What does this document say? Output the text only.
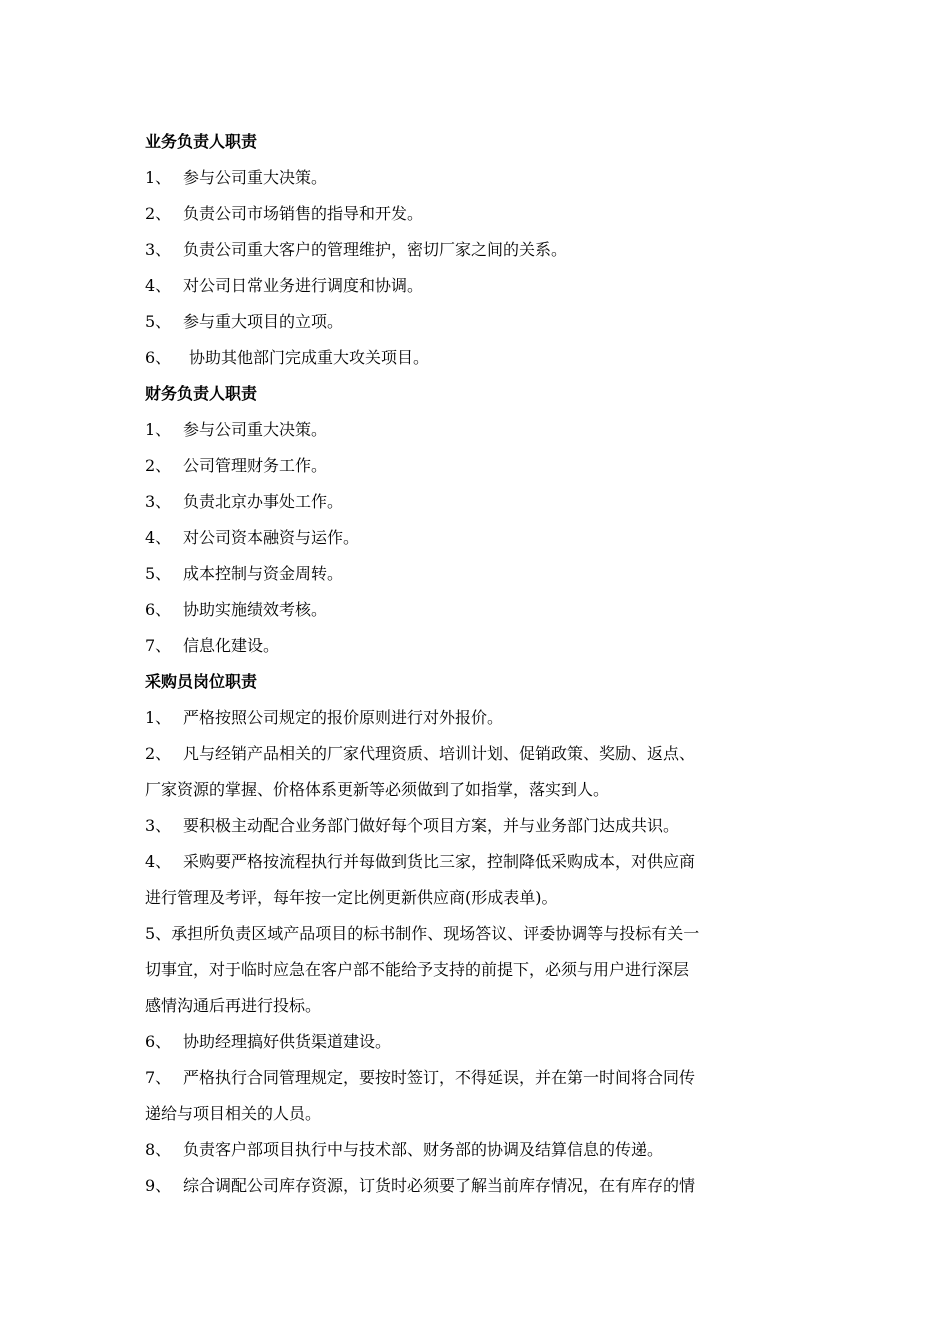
业务负责人职责
1、 参与公司重大决策。
2、 负责公司市场销售的指导和开发。
3、 负责公司重大客户的管理维护，密切厂家之间的关系。
4、 对公司日常业务进行调度和协调。
5、 参与重大项目的立项。
6、 协助其他部门完成重大攻关项目。
财务负责人职责
1、 参与公司重大决策。
2、 公司管理财务工作。
3、 负责北京办事处工作。
4、 对公司资本融资与运作。
5、 成本控制与资金周转。
6、 协助实施绩效考核。
7、 信息化建设。
采购员岗位职责
1、 严格按照公司规定的报价原则进行对外报价。
2、 凡与经销产品相关的厂家代理资质、培训计划、促销政策、奖励、返点、
厂家资源的掌握、价格体系更新等必须做到了如指掌，落实到人。
3、 要积极主动配合业务部门做好每个项目方案，并与业务部门达成共识。
4、 采购要严格按流程执行并每做到货比三家，控制降低采购成本，对供应商
进行管理及考评，每年按一定比例更新供应商(形成表单)。
5、承担所负责区域产品项目的标书制作、现场答议、评委协调等与投标有关一
切事宜，对于临时应急在客户部不能给予支持的前提下，必须与用户进行深层
感情沟通后再进行投标。
6、 协助经理搞好供货渠道建设。
7、 严格执行合同管理规定，要按时签订，不得延误，并在第一时间将合同传
递给与项目相关的人员。
8、 负责客户部项目执行中与技术部、财务部的协调及结算信息的传递。
9、 综合调配公司库存资源，订货时必须要了解当前库存情况，在有库存的情
